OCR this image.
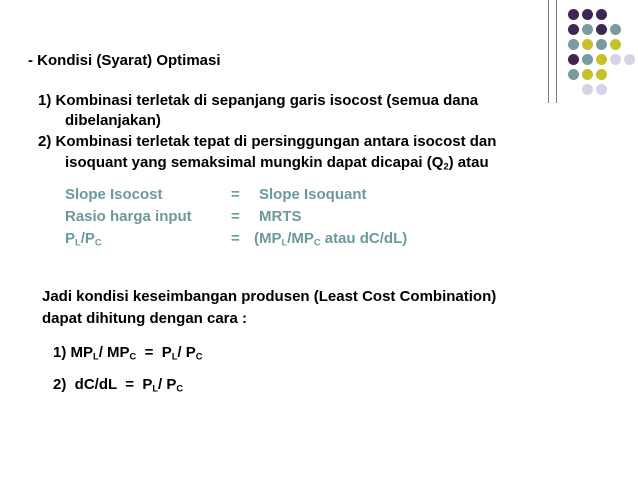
- Kondisi (Syarat) Optimasi
1) Kombinasi terletak di sepanjang garis isocost (semua dana
dibelanjakan)
2) Kombinasi terletak tepat di persinggungan antara isocost dan
isoquant yang semaksimal mungkin dapat dicapai $(Q_2)$ atau
Slope Isocost	= Slope Isoquant
Rasio harga input	= MRTS
$P_L/P_C$	= ($MP_L/MP_C$ atau dC/dL)
Jadi kondisi keseimbangan produsen (Least Cost Combination)
dapat dihitung dengan cara :
1) $MP_L/$ $MP_C = P_L/$ $P_C$
2)  $dC/dL = P_L/$ $P_C$
